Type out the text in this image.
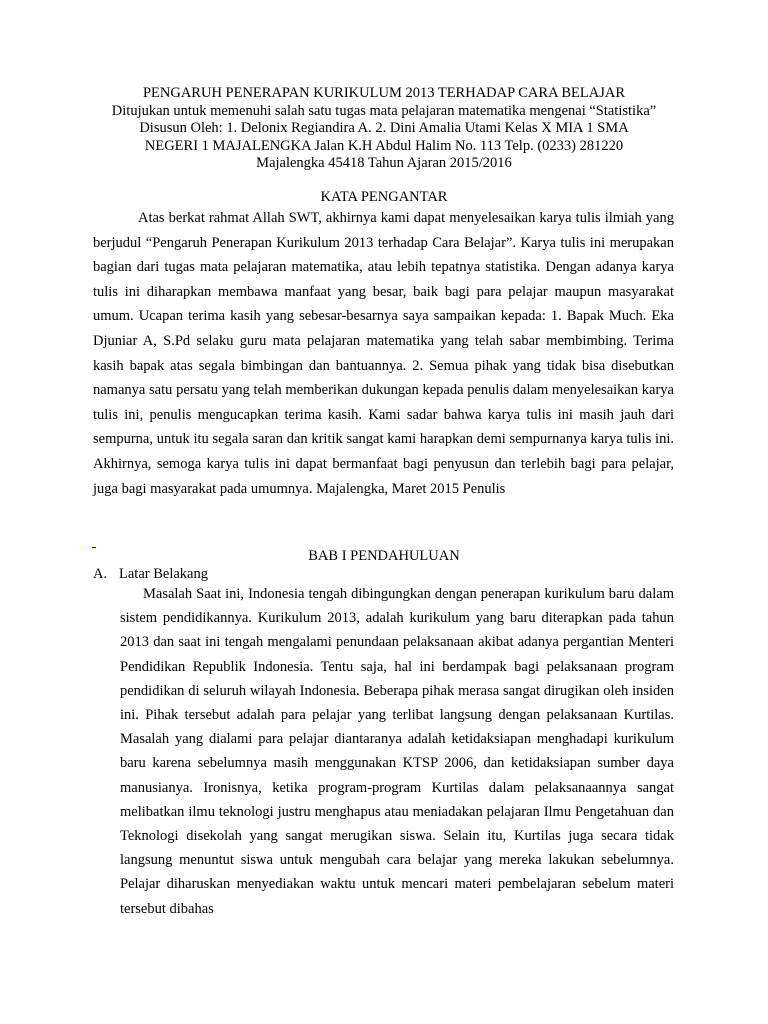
PENGARUH PENERAPAN KURIKULUM 2013 TERHADAP CARA BELAJAR
Ditujukan untuk memenuhi salah satu tugas mata pelajaran matematika mengenai “Statistika”
Disusun Oleh: 1. Delonix Regiandira A. 2. Dini Amalia Utami Kelas X MIA 1 SMA
NEGERI 1 MAJALENGKA Jalan K.H Abdul Halim No. 113 Telp. (0233) 281220
Majalengka 45418 Tahun Ajaran 2015/2016
KATA PENGANTAR

Atas berkat rahmat Allah SWT, akhirnya kami dapat menyelesaikan karya tulis ilmiah yang berjudul “Pengaruh Penerapan Kurikulum 2013 terhadap Cara Belajar”. Karya tulis ini merupakan bagian dari tugas mata pelajaran matematika, atau lebih tepatnya statistika. Dengan adanya karya tulis ini diharapkan membawa manfaat yang besar, baik bagi para pelajar maupun masyarakat umum. Ucapan terima kasih yang sebesar-besarnya saya sampaikan kepada: 1. Bapak Much. Eka Djuniar A, S.Pd selaku guru mata pelajaran matematika yang telah sabar membimbing. Terima kasih bapak atas segala bimbingan dan bantuannya. 2. Semua pihak yang tidak bisa disebutkan namanya satu persatu yang telah memberikan dukungan kepada penulis dalam menyelesaikan karya tulis ini, penulis mengucapkan terima kasih. Kami sadar bahwa karya tulis ini masih jauh dari sempurna, untuk itu segala saran dan kritik sangat kami harapkan demi sempurnanya karya tulis ini. Akhirnya, semoga karya tulis ini dapat bermanfaat bagi penyusun dan terlebih bagi para pelajar, juga bagi masyarakat pada umumnya. Majalengka, Maret 2015 Penulis

BAB I PENDAHULUAN
A. Latar Belakang

Masalah Saat ini, Indonesia tengah dibingungkan dengan penerapan kurikulum baru dalam sistem pendidikannya. Kurikulum 2013, adalah kurikulum yang baru diterapkan pada tahun 2013 dan saat ini tengah mengalami penundaan pelaksanaan akibat adanya pergantian Menteri Pendidikan Republik Indonesia. Tentu saja, hal ini berdampak bagi pelaksanaan program pendidikan di seluruh wilayah Indonesia. Beberapa pihak merasa sangat dirugikan oleh insiden ini. Pihak tersebut adalah para pelajar yang terlibat langsung dengan pelaksanaan Kurtilas. Masalah yang dialami para pelajar diantaranya adalah ketidaksiapan menghadapi kurikulum baru karena sebelumnya masih menggunakan KTSP 2006, dan ketidaksiapan sumber daya manusianya. Ironisnya, ketika program-program Kurtilas dalam pelaksanaannya sangat melibatkan ilmu teknologi justru menghapus atau meniadakan pelajaran Ilmu Pengetahuan dan Teknologi disekolah yang sangat merugikan siswa. Selain itu, Kurtilas juga secara tidak langsung menuntut siswa untuk mengubah cara belajar yang mereka lakukan sebelumnya. Pelajar diharuskan menyediakan waktu untuk mencari materi pembelajaran sebelum materi tersebut dibahas
